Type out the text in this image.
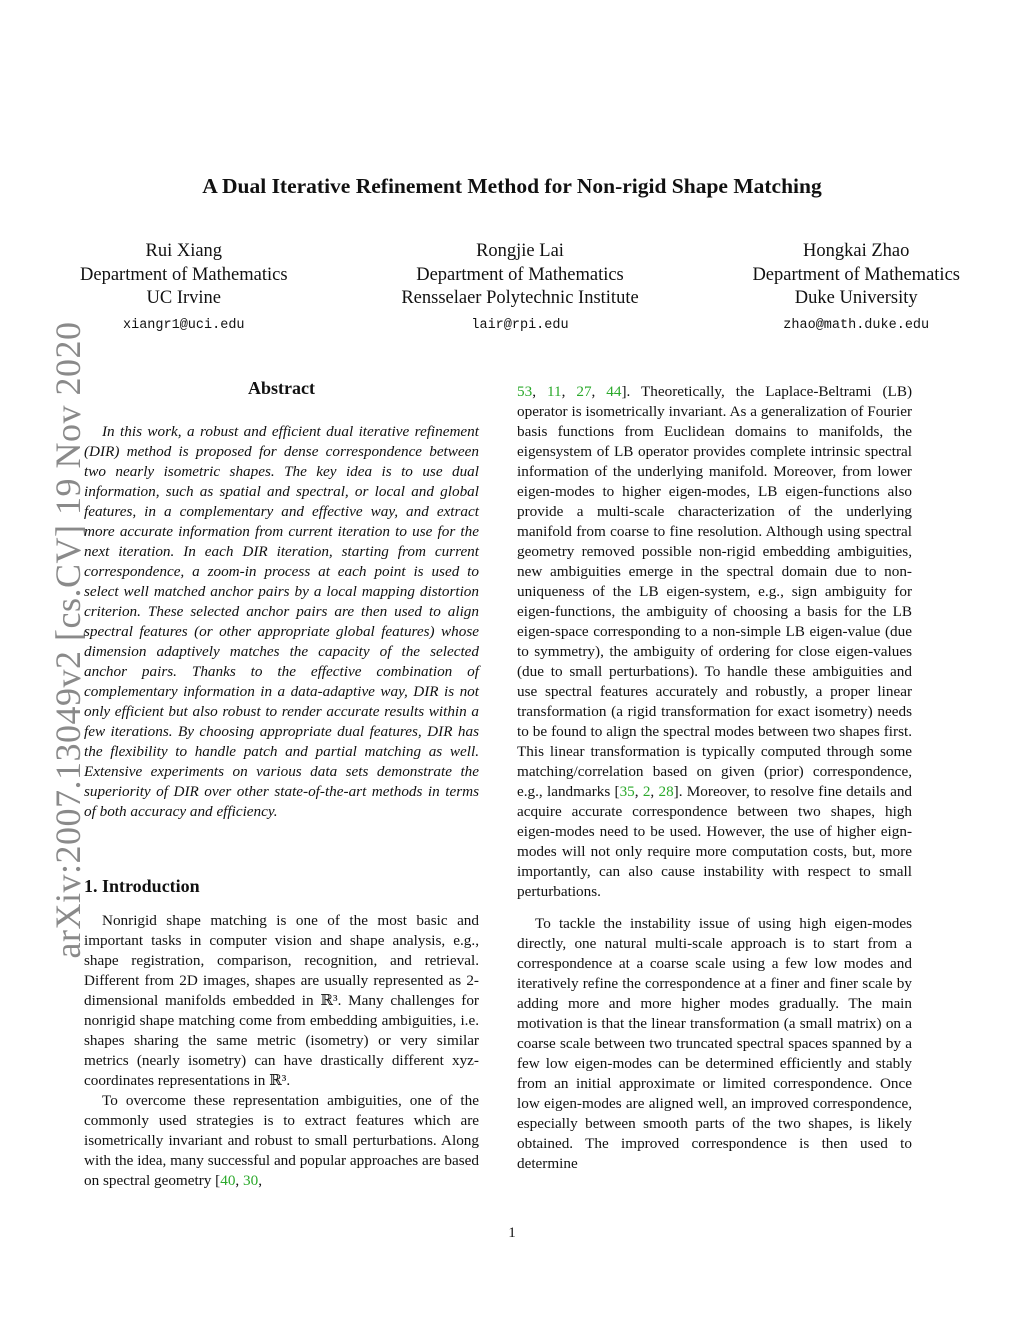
arXiv:2007.13049v2 [cs.CV] 19 Nov 2020
A Dual Iterative Refinement Method for Non-rigid Shape Matching
Rui Xiang
Department of Mathematics
UC Irvine
xiangr1@uci.edu
Rongjie Lai
Department of Mathematics
Rensselaer Polytechnic Institute
lair@rpi.edu
Hongkai Zhao
Department of Mathematics
Duke University
zhao@math.duke.edu
Abstract

In this work, a robust and efficient dual iterative refinement (DIR) method is proposed for dense correspondence between two nearly isometric shapes. The key idea is to use dual information, such as spatial and spectral, or local and global features, in a complementary and effective way, and extract more accurate information from current iteration to use for the next iteration. In each DIR iteration, starting from current correspondence, a zoom-in process at each point is used to select well matched anchor pairs by a local mapping distortion criterion. These selected anchor pairs are then used to align spectral features (or other appropriate global features) whose dimension adaptively matches the capacity of the selected anchor pairs. Thanks to the effective combination of complementary information in a data-adaptive way, DIR is not only efficient but also robust to render accurate results within a few iterations. By choosing appropriate dual features, DIR has the flexibility to handle patch and partial matching as well. Extensive experiments on various data sets demonstrate the superiority of DIR over other state-of-the-art methods in terms of both accuracy and efficiency.

1. Introduction

Nonrigid shape matching is one of the most basic and important tasks in computer vision and shape analysis, e.g., shape registration, comparison, recognition, and retrieval. Different from 2D images, shapes are usually represented as 2-dimensional manifolds embedded in ℝ³. Many challenges for nonrigid shape matching come from embedding ambiguities, i.e. shapes sharing the same metric (isometry) or very similar metrics (nearly isometry) can have drastically different xyz-coordinates representations in ℝ³.

To overcome these representation ambiguities, one of the commonly used strategies is to extract features which are isometrically invariant and robust to small perturbations. Along with the idea, many successful and popular approaches are based on spectral geometry [40, 30,

53, 11, 27, 44]. Theoretically, the Laplace-Beltrami (LB) operator is isometrically invariant. As a generalization of Fourier basis functions from Euclidean domains to manifolds, the eigensystem of LB operator provides complete intrinsic spectral information of the underlying manifold. Moreover, from lower eigen-modes to higher eigen-modes, LB eigen-functions also provide a multi-scale characterization of the underlying manifold from coarse to fine resolution. Although using spectral geometry removed possible non-rigid embedding ambiguities, new ambiguities emerge in the spectral domain due to non-uniqueness of the LB eigen-system, e.g., sign ambiguity for eigen-functions, the ambiguity of choosing a basis for the LB eigen-space corresponding to a non-simple LB eigen-value (due to symmetry), the ambiguity of ordering for close eigen-values (due to small perturbations). To handle these ambiguities and use spectral features accurately and robustly, a proper linear transformation (a rigid transformation for exact isometry) needs to be found to align the spectral modes between two shapes first. This linear transformation is typically computed through some matching/correlation based on given (prior) correspondence, e.g., landmarks [35, 2, 28]. Moreover, to resolve fine details and acquire accurate correspondence between two shapes, high eigen-modes need to be used. However, the use of higher eign-modes will not only require more computation costs, but, more importantly, can also cause instability with respect to small perturbations.

To tackle the instability issue of using high eigen-modes directly, one natural multi-scale approach is to start from a correspondence at a coarse scale using a few low modes and iteratively refine the correspondence at a finer and finer scale by adding more and more higher modes gradually. The main motivation is that the linear transformation (a small matrix) on a coarse scale between two truncated spectral spaces spanned by a few low eigen-modes can be determined efficiently and stably from an initial approximate or limited correspondence. Once low eigen-modes are aligned well, an improved correspondence, especially between smooth parts of the two shapes, is likely obtained. The improved correspondence is then used to determine

1
